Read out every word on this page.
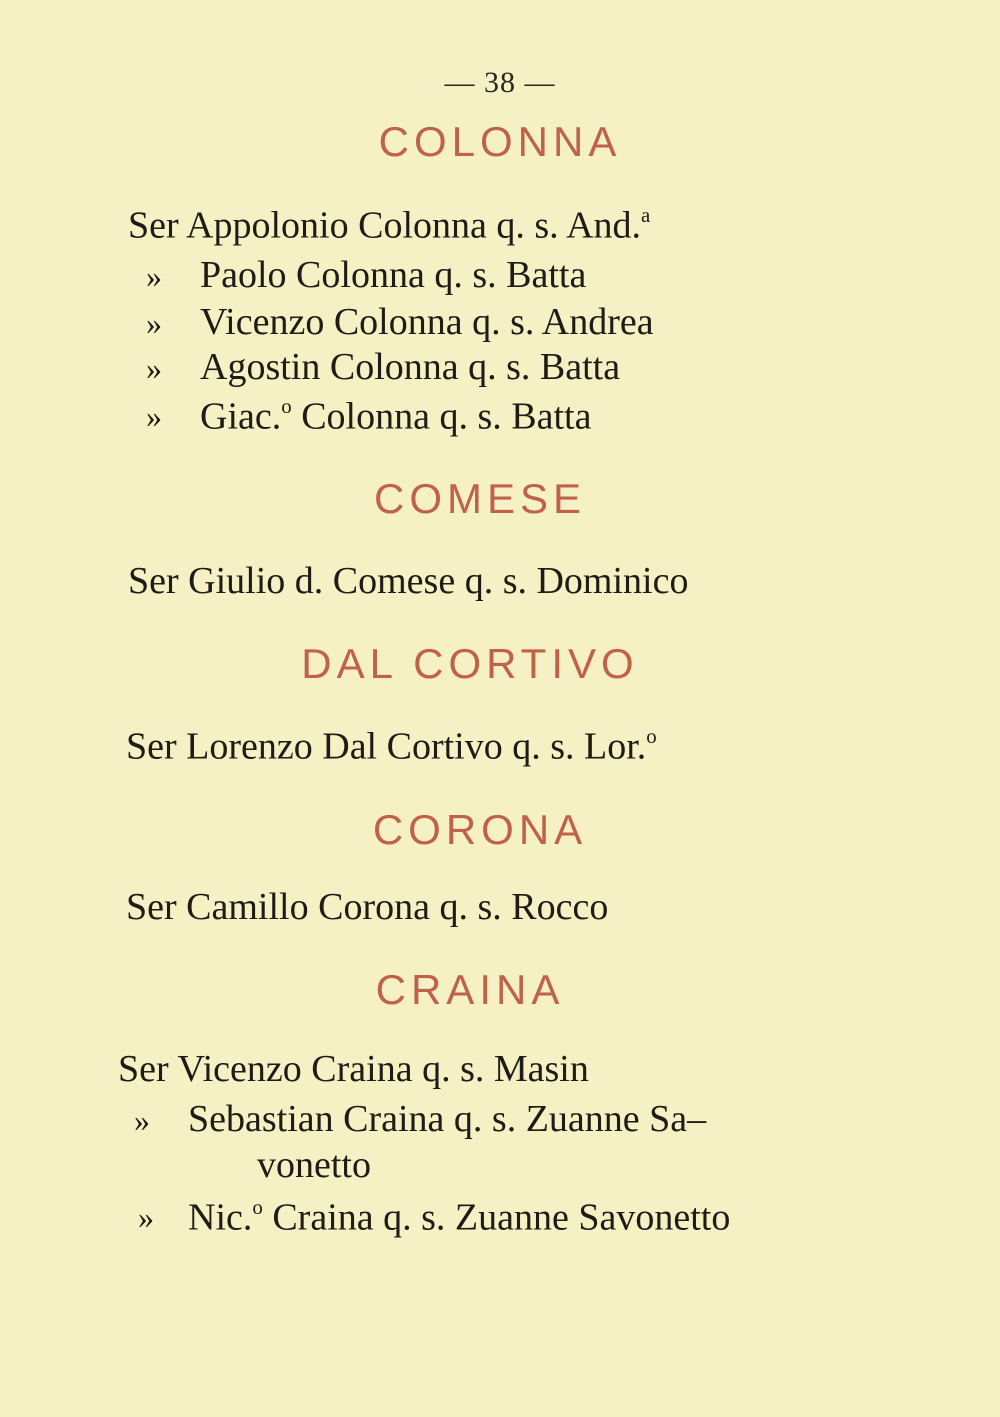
— 38 —
COLONNA
Ser Appolonio Colonna q. s. And.$^a$
» Paolo Colonna q. s. Batta
» Vicenzo Colonna q. s. Andrea
» Agostin Colonna q. s. Batta
» Giac.$^o$ Colonna q. s. Batta
COMESE
Ser Giulio d. Comese q. s. Dominico
DAL CORTIVO
Ser Lorenzo Dal Cortivo q. s. Lor.$^o$
CORONA
Ser Camillo Corona q. s. Rocco
CRAINA
Ser Vicenzo Craina q. s. Masin
» Sebastian Craina q. s. Zuanne Sa–
vonetto
» Nic.$^o$ Craina q. s. Zuanne Savonetto
